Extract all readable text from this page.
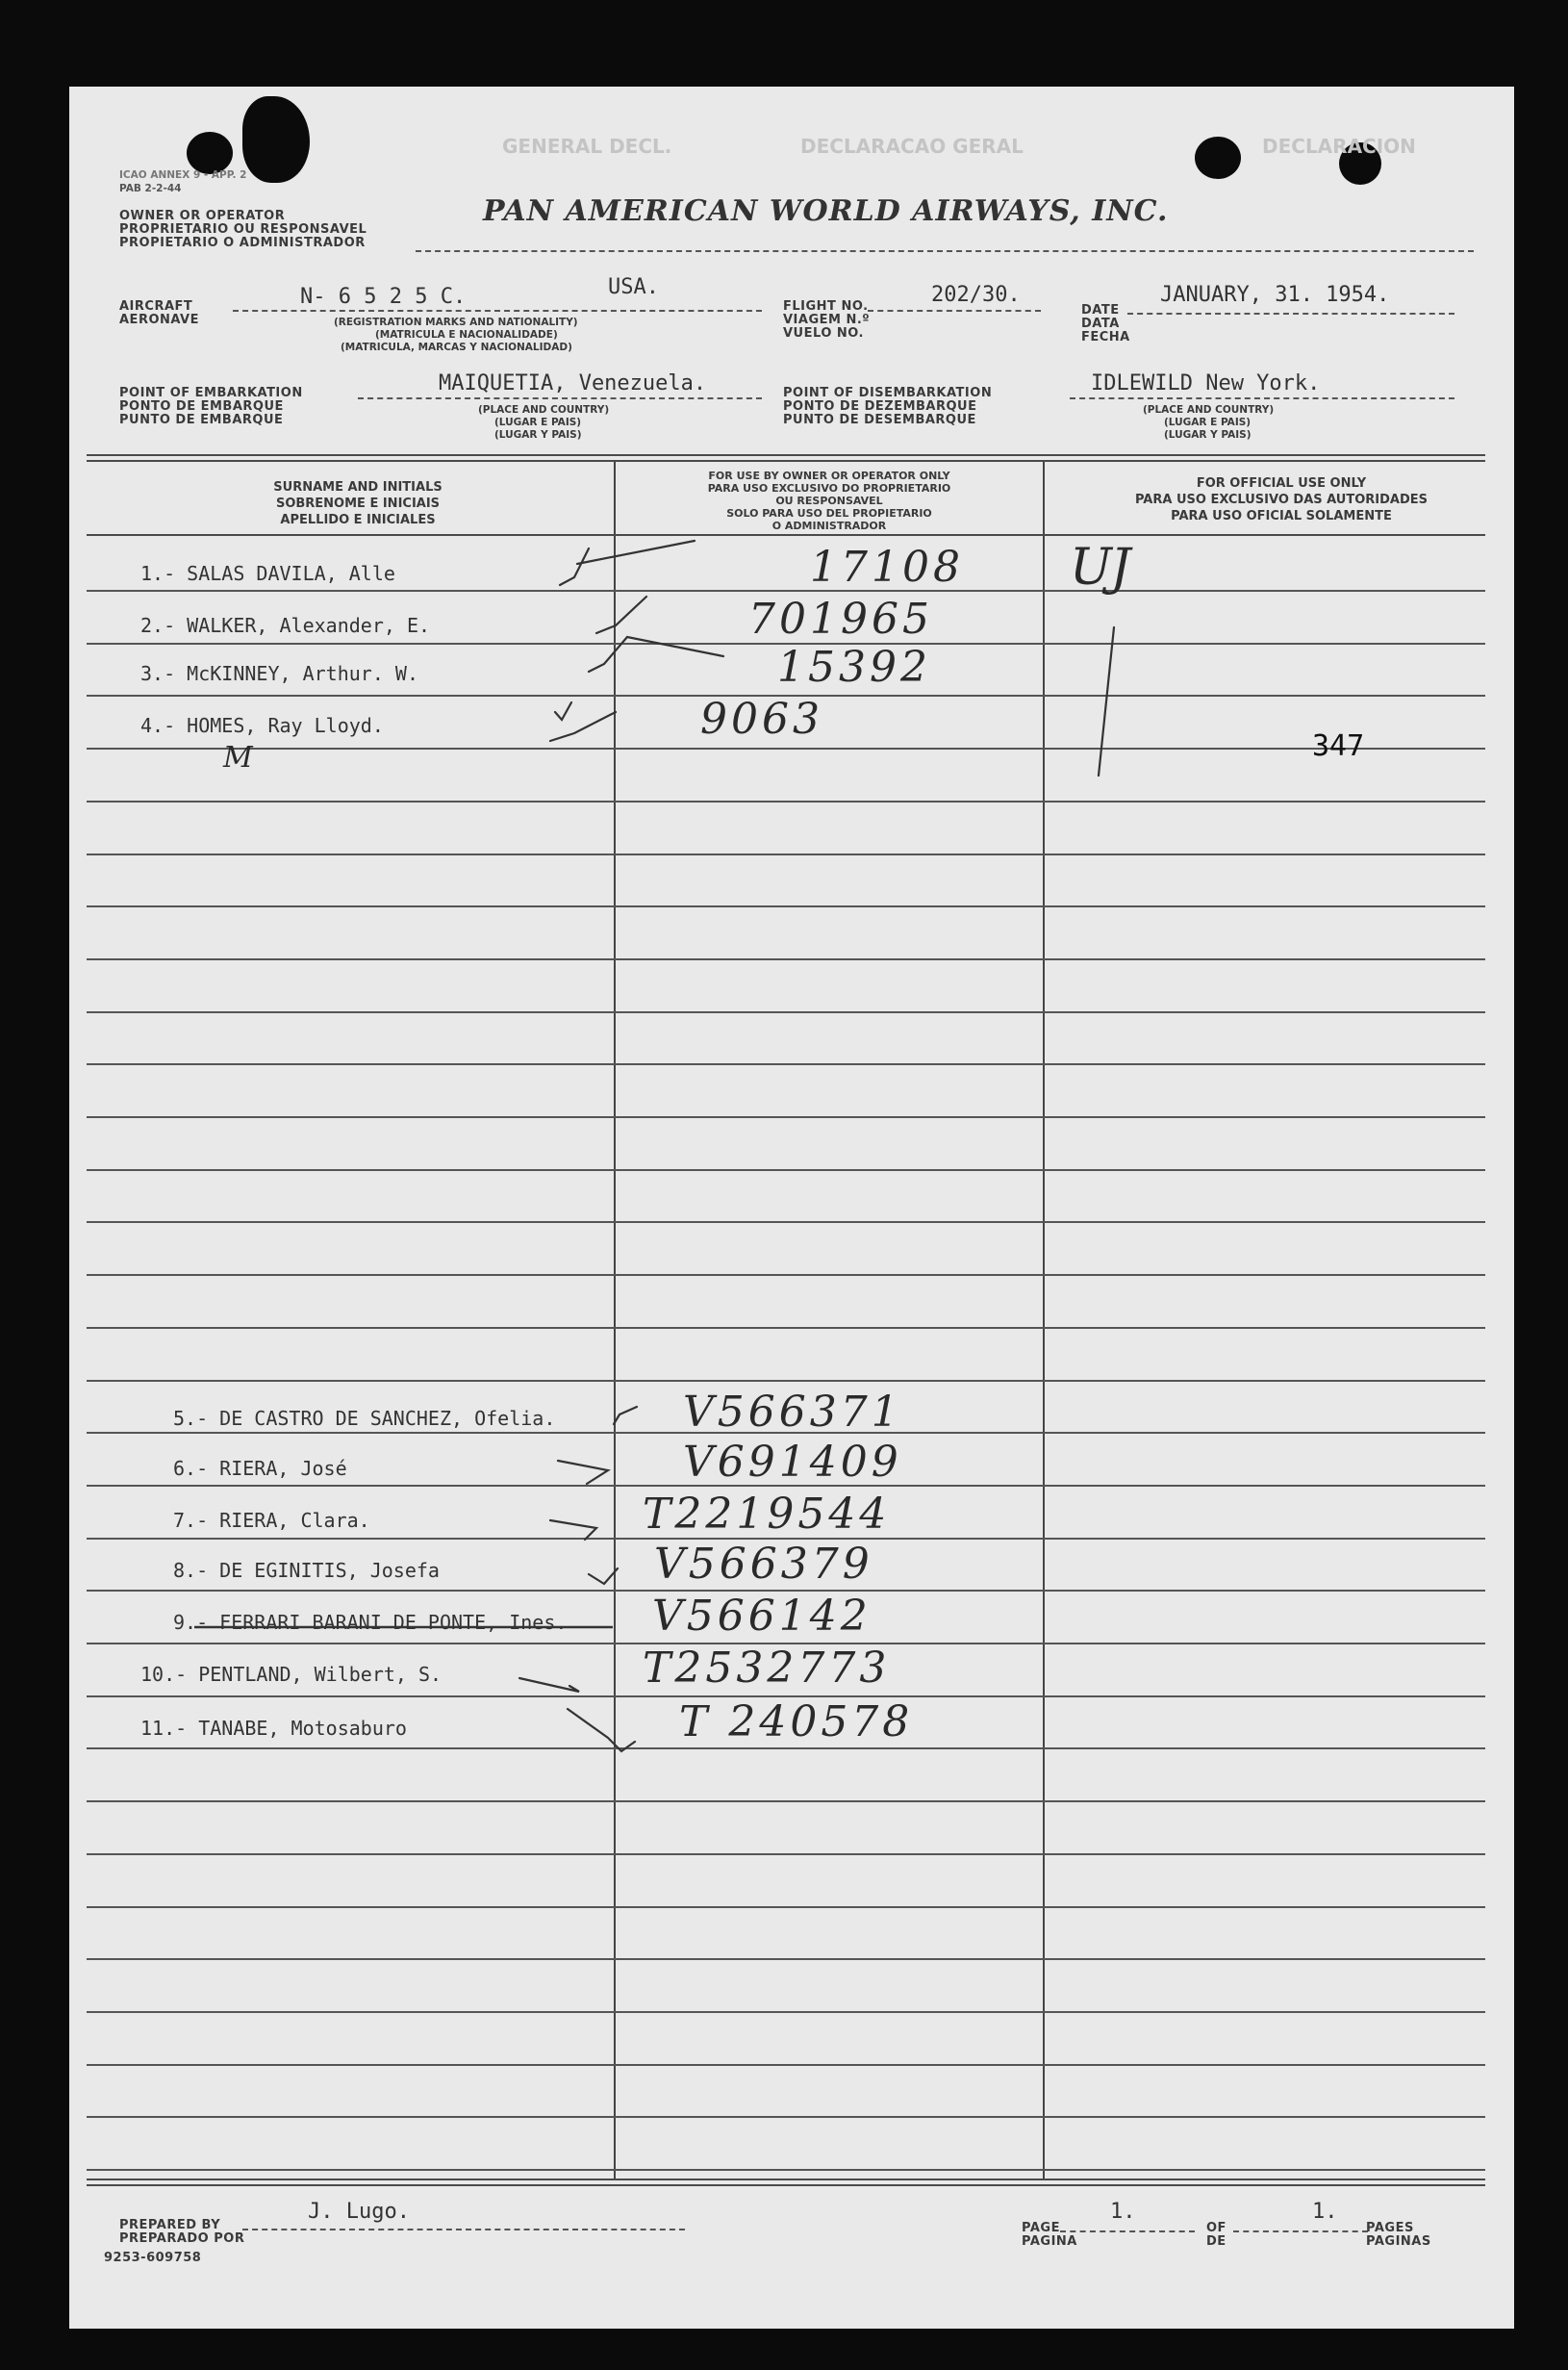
GENERAL DECL.	DECLARACAO GERAL	DECLARACION
ICAO ANNEX 9 - APP. 2
PAB 2-2-44
OWNER OR OPERATOR
PROPRIETARIO OU RESPONSAVEL
PROPIETARIO O ADMINISTRADOR
PAN AMERICAN WORLD AIRWAYS, INC.
AIRCRAFT
AERONAVE
N- 6 5 2 5 C.	USA.
(REGISTRATION MARKS AND NATIONALITY)
(MATRICULA E NACIONALIDADE)
(MATRICULA, MARCAS Y NACIONALIDAD)
FLIGHT NO.
VIAGEM N.º
VUELO NO.
202/30.
DATE
DATA
FECHA
JANUARY, 31. 1954.
POINT OF EMBARKATION
PONTO DE EMBARQUE
PUNTO DE EMBARQUE
MAIQUETIA, Venezuela.
(PLACE AND COUNTRY)
(LUGAR E PAIS)
(LUGAR Y PAIS)
POINT OF DISEMBARKATION
PONTO DE DEZEMBARQUE
PUNTO DE DESEMBARQUE
IDLEWILD New York.
(PLACE AND COUNTRY)
(LUGAR E PAIS)
(LUGAR Y PAIS)
SURNAME AND INITIALS
SOBRENOME E INICIAIS
APELLIDO E INICIALES
FOR USE BY OWNER OR OPERATOR ONLY
PARA USO EXCLUSIVO DO PROPRIETARIO
OU RESPONSAVEL
SOLO PARA USO DEL PROPIETARIO
O ADMINISTRADOR
FOR OFFICIAL USE ONLY
PARA USO EXCLUSIVO DAS AUTORIDADES
PARA USO OFICIAL SOLAMENTE
1.- SALAS DAVILA, Alle	17108
2.- WALKER, Alexander, E.	701965
3.- McKINNEY, Arthur. W.	15392
4.- HOMES, Ray Lloyd.	9063
5.- DE CASTRO DE SANCHEZ, Ofelia.	V566371
6.- RIERA, José	V691409
7.- RIERA, Clara.	T2219544
8.- DE EGINITIS, Josefa	V566379
9.- FERRARI BARANI DE PONTE, Ines. V566142
10.- PENTLAND, Wilbert, S.	T2532773
11.- TANABE, Motosaburo	T 240578
UJ
347
M
PREPARED BY
PREPARADO POR
J. Lugo.
9253-609758
PAGE
PAGINA
1.
OF
DE
1.
PAGES
PAGINAS
